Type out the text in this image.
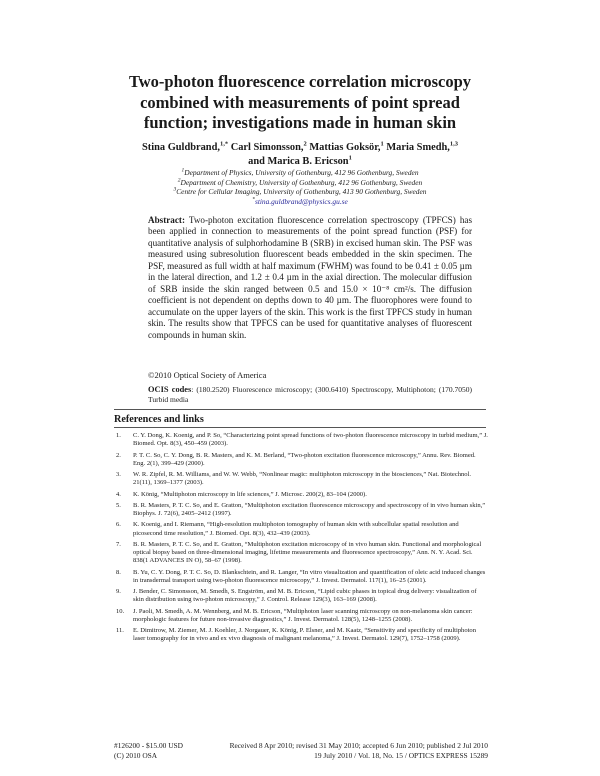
Two-photon fluorescence correlation microscopy
combined with measurements of point spread
function; investigations made in human skin
Stina Guldbrand,$^{1,*}$ Carl Simonsson,$^2$ Mattias Goksör,$^1$ Maria Smedh,$^{1,3}$
and Marica B. Ericson$^1$
$^1$Department of Physics, University of Gothenburg, 412 96 Gothenburg, Sweden
$^2$Department of Chemistry, University of Gothenburg, 412 96 Gothenburg, Sweden
$^3$Centre for Cellular Imaging, University of Gothenburg, 413 90 Gothenburg, Sweden
*stina.guldbrand@physics.gu.se
Abstract: Two-photon excitation fluorescence correlation spectroscopy (TPFCS) has been applied in connection to measurements of the point spread function (PSF) for quantitative analysis of sulphorhodamine B (SRB) in excised human skin. The PSF was measured using subresolution fluorescent beads embedded in the skin specimen. The PSF, measured as full width at half maximum (FWHM) was found to be 0.41 ± 0.05 µm in the lateral direction, and 1.2 ± 0.4 µm in the axial direction. The molecular diffusion of SRB inside the skin ranged between 0.5 and 15.0 × 10⁻⁸ cm²/s. The diffusion coefficient is not dependent on depths down to 40 µm. The fluorophores were found to accumulate on the upper layers of the skin. This work is the first TPFCS study in human skin. The results show that TPFCS can be used for quantitative analyses of fluorescent compounds in human skin.
©2010 Optical Society of America
OCIS codes: (180.2520) Fluorescence microscopy; (300.6410) Spectroscopy, Multiphoton; (170.7050) Turbid media
References and links
1.	C. Y. Dong, K. Koenig, and P. So, “Characterizing point spread functions of two-photon fluorescence microscopy in turbid medium,” J. Biomed. Opt. 8(3), 450–459 (2003).
2.	P. T. C. So, C. Y. Dong, B. R. Masters, and K. M. Berland, “Two-photon excitation fluorescence microscopy,” Annu. Rev. Biomed. Eng. 2(1), 399–429 (2000).
3.	W. R. Zipfel, R. M. Williams, and W. W. Webb, “Nonlinear magic: multiphoton microscopy in the biosciences,” Nat. Biotechnol. 21(11), 1369–1377 (2003).
4.	K. König, “Multiphoton microscopy in life sciences,” J. Microsc. 200(2), 83–104 (2000).
5.	B. R. Masters, P. T. C. So, and E. Gratton, “Multiphoton excitation fluorescence microscopy and spectroscopy of in vivo human skin,” Biophys. J. 72(6), 2405–2412 (1997).
6.	K. Koenig, and I. Riemann, “High-resolution multiphoton tomography of human skin with subcellular spatial resolution and picosecond time resolution,” J. Biomed. Opt. 8(3), 432–439 (2003).
7.	B. R. Masters, P. T. C. So, and E. Gratton, “Multiphoton excitation microscopy of in vivo human skin. Functional and morphological optical biopsy based on three-dimensional imaging, lifetime measurements and fluorescence spectroscopy,” Ann. N. Y. Acad. Sci. 838(1 ADVANCES IN O), 58–67 (1998).
8.	B. Yu, C. Y. Dong, P. T. C. So, D. Blankschtein, and R. Langer, “In vitro visualization and quantification of oleic acid induced changes in transdermal transport using two-photon fluorescence microscopy,” J. Invest. Dermatol. 117(1), 16–25 (2001).
9.	J. Bender, C. Simonsson, M. Smedh, S. Engström, and M. B. Ericson, “Lipid cubic phases in topical drug delivery: visualization of skin distribution using two-photon microscopy,” J. Control. Release 129(3), 163–169 (2008).
10.	J. Paoli, M. Smedh, A. M. Wennberg, and M. B. Ericson, “Multiphoton laser scanning microscopy on non-melanoma skin cancer: morphologic features for future non-invasive diagnostics,” J. Invest. Dermatol. 128(5), 1248–1255 (2008).
11.	E. Dimitrow, M. Ziemer, M. J. Koehler, J. Norgauer, K. König, P. Elsner, and M. Kaatz, “Sensitivity and specificity of multiphoton laser tomography for in vivo and ex vivo diagnosis of malignant melanoma,” J. Invest. Dermatol. 129(7), 1752–1758 (2009).
#126200 - $15.00 USD
(C) 2010 OSA
Received 8 Apr 2010; revised 31 May 2010; accepted 6 Jun 2010; published 2 Jul 2010
19 July 2010 / Vol. 18, No. 15 / OPTICS EXPRESS 15289
